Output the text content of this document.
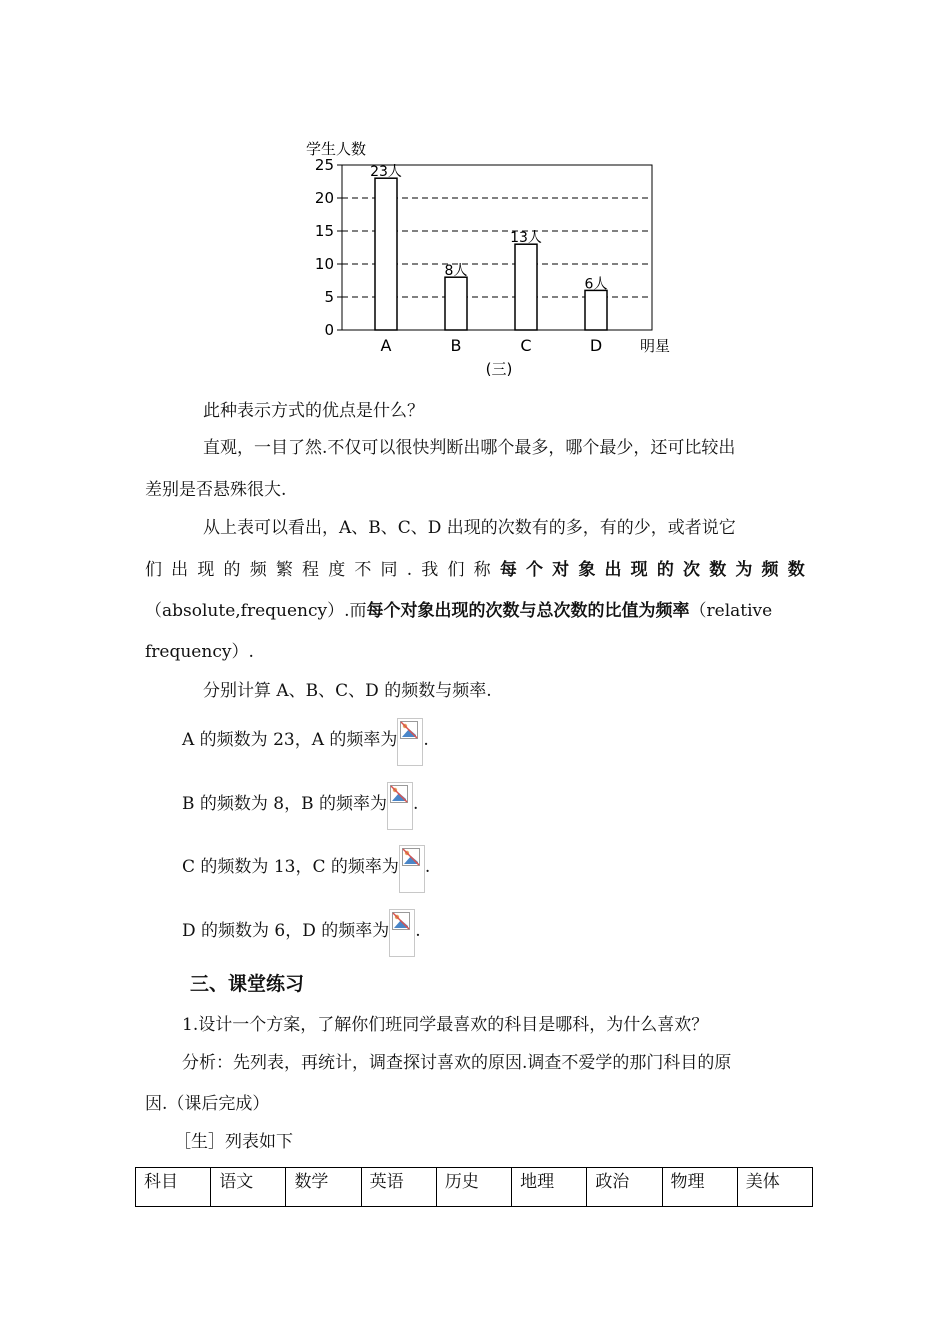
0
5
10
15
20
25
学生人数
23人
A
8人
B
13人
C
6人
D	明星
(三)
此种表示方式的优点是什么？
直观，一目了然.不仅可以很快判断出哪个最多，哪个最少，还可比较出
差别是否悬殊很大.
从上表可以看出，A、B、C、D 出现的次数有的多，有的少，或者说它
们 出 现 的 频 繁 程 度 不 同 . 我 们 称 每 个 对 象 出 现 的 次 数 为 频 数
（absolute,frequency）.而每个对象出现的次数与总次数的比值为频率（relative
frequency）.
分别计算 A、B、C、D 的频数与频率.
A 的频数为 23，A 的频率为 .
B 的频数为 8，B 的频率为 .
C 的频数为 13，C 的频率为 .
D 的频数为 6，D 的频率为 .
三、课堂练习
1.设计一个方案，了解你们班同学最喜欢的科目是哪科，为什么喜欢？
分析：先列表，再统计，调查探讨喜欢的原因.调查不爱学的那门科目的原
因.（课后完成）
［生］列表如下
科目	语文	数学	英语	历史	地理	政治	物理	美体
